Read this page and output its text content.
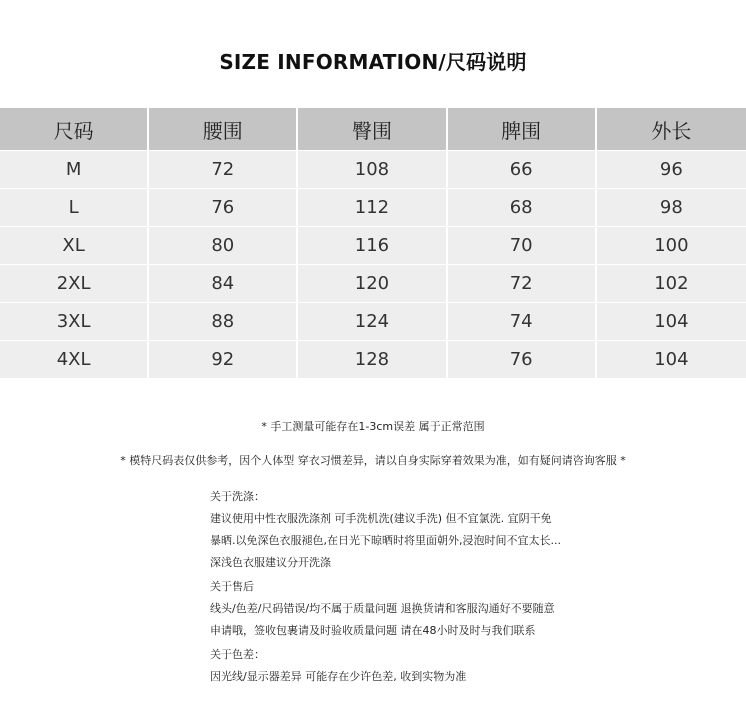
SIZE INFORMATION/尺码说明
尺码	腰围	臀围	脾围	外长
M	72	108	66	96
L	76	112	68	98
XL	80	116	70	100
2XL	84	120	72	102
3XL	88	124	74	104
4XL	92	128	76	104
* 手工测量可能存在1-3cm误差 属于正常范围
* 模特尺码表仅供参考，因个人体型 穿衣习惯差异，请以自身实际穿着效果为准，如有疑问请咨询客服 *
关于洗涤：
建议使用中性衣服洗涤剂 可手洗机洗(建议手洗) 但不宜氯洗. 宜阴干免
暴晒.以免深色衣服褪色,在日光下晾晒时将里面朝外,浸泡时间不宜太长...
深浅色衣服建议分开洗涤
关于售后
线头/色差/尺码错误/均不属于质量问题 退换货请和客服沟通好不要随意
申请哦，签收包裹请及时验收质量问题 请在48小时及时与我们联系
关于色差：
因光线/显示器差异 可能存在少许色差, 收到实物为准
